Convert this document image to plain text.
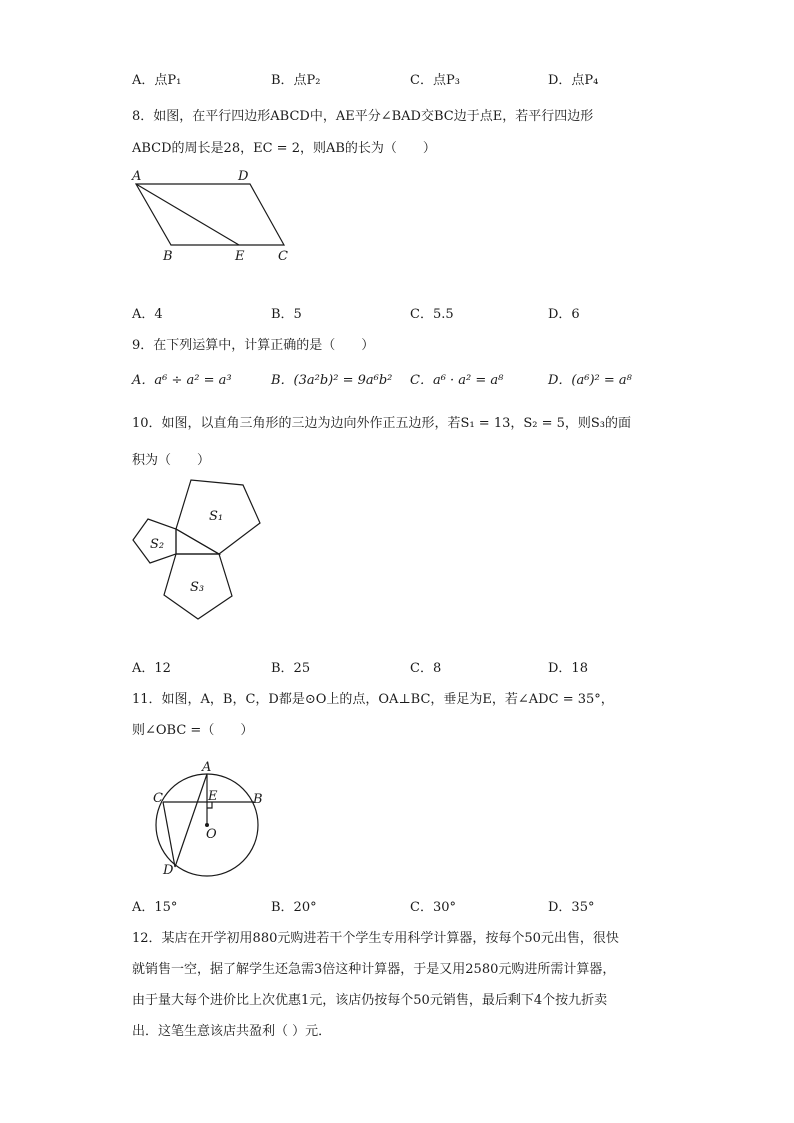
A．点P₁	B．点P₂	C．点P₃	D．点P₄
8．如图，在平行四边形ABCD中，AE平分∠BAD交BC边于点E，若平行四边形
ABCD的周长是28，EC = 2，则AB的长为（　　）
A	D
B	E	C
A．4	B．5	C．5.5	D．6
9．在下列运算中，计算正确的是（　　）
A．a⁶ ÷ a² = a³	B．(3a²b)² = 9a⁶b² C．a⁶ · a² = a⁸	D．(a⁶)² = a⁸
10．如图，以直角三角形的三边为边向外作正五边形，若S₁ = 13，S₂ = 5，则S₃的面
积为（　　）
S₁
S₂
S₃
A．12	B．25	C．8	D．18
11．如图，A，B，C，D都是⊙O上的点，OA⊥BC，垂足为E，若∠ADC = 35°，
则∠OBC =（　　）
A
B
C
D
E
O
A．15°	B．20°	C．30°	D．35°
12．某店在开学初用880元购进若干个学生专用科学计算器，按每个50元出售，很快
就销售一空，据了解学生还急需3倍这种计算器，于是又用2580元购进所需计算器，
由于量大每个进价比上次优惠1元，该店仍按每个50元销售，最后剩下4个按九折卖
出．这笔生意该店共盈利（ ）元．
